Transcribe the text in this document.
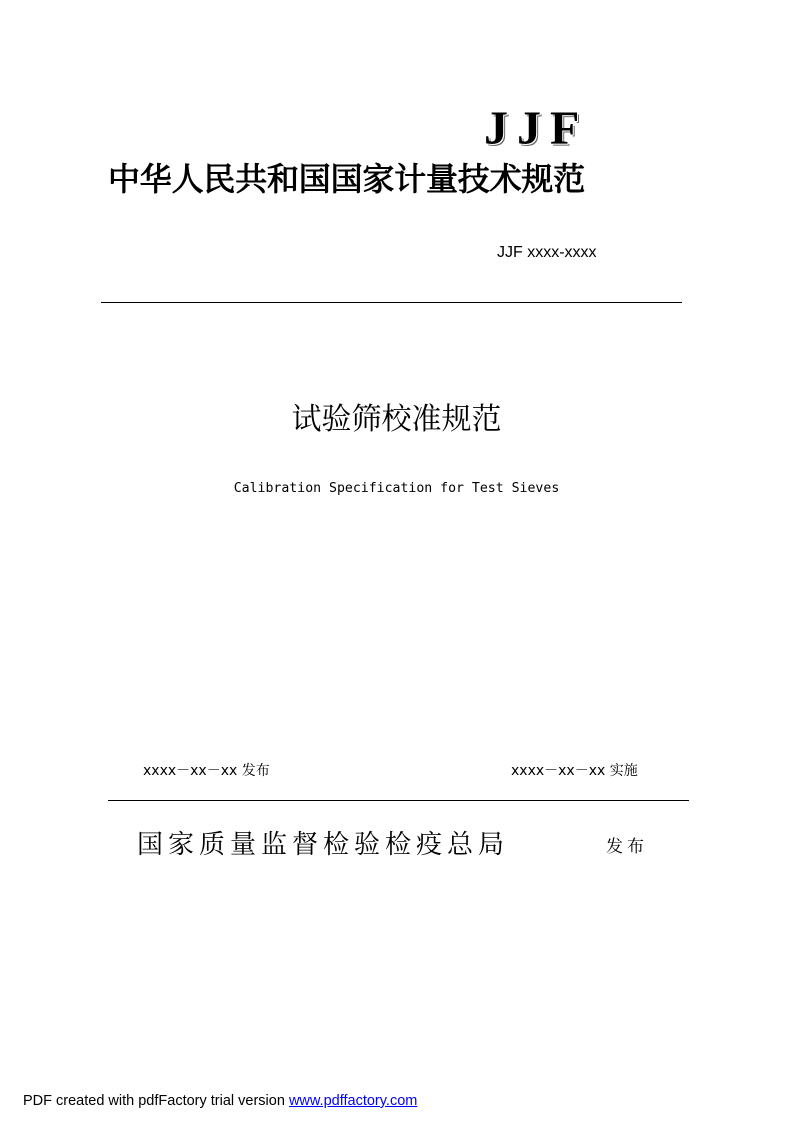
JJF
中华人民共和国国家计量技术规范
JJF xxxx-xxxx
试验筛校准规范
Calibration Specification for Test Sieves
xxxx－xx－xx 发布	xxxx－xx－xx 实施
国家质量监督检验检疫总局	发布
PDF created with pdfFactory trial version www.pdffactory.com
